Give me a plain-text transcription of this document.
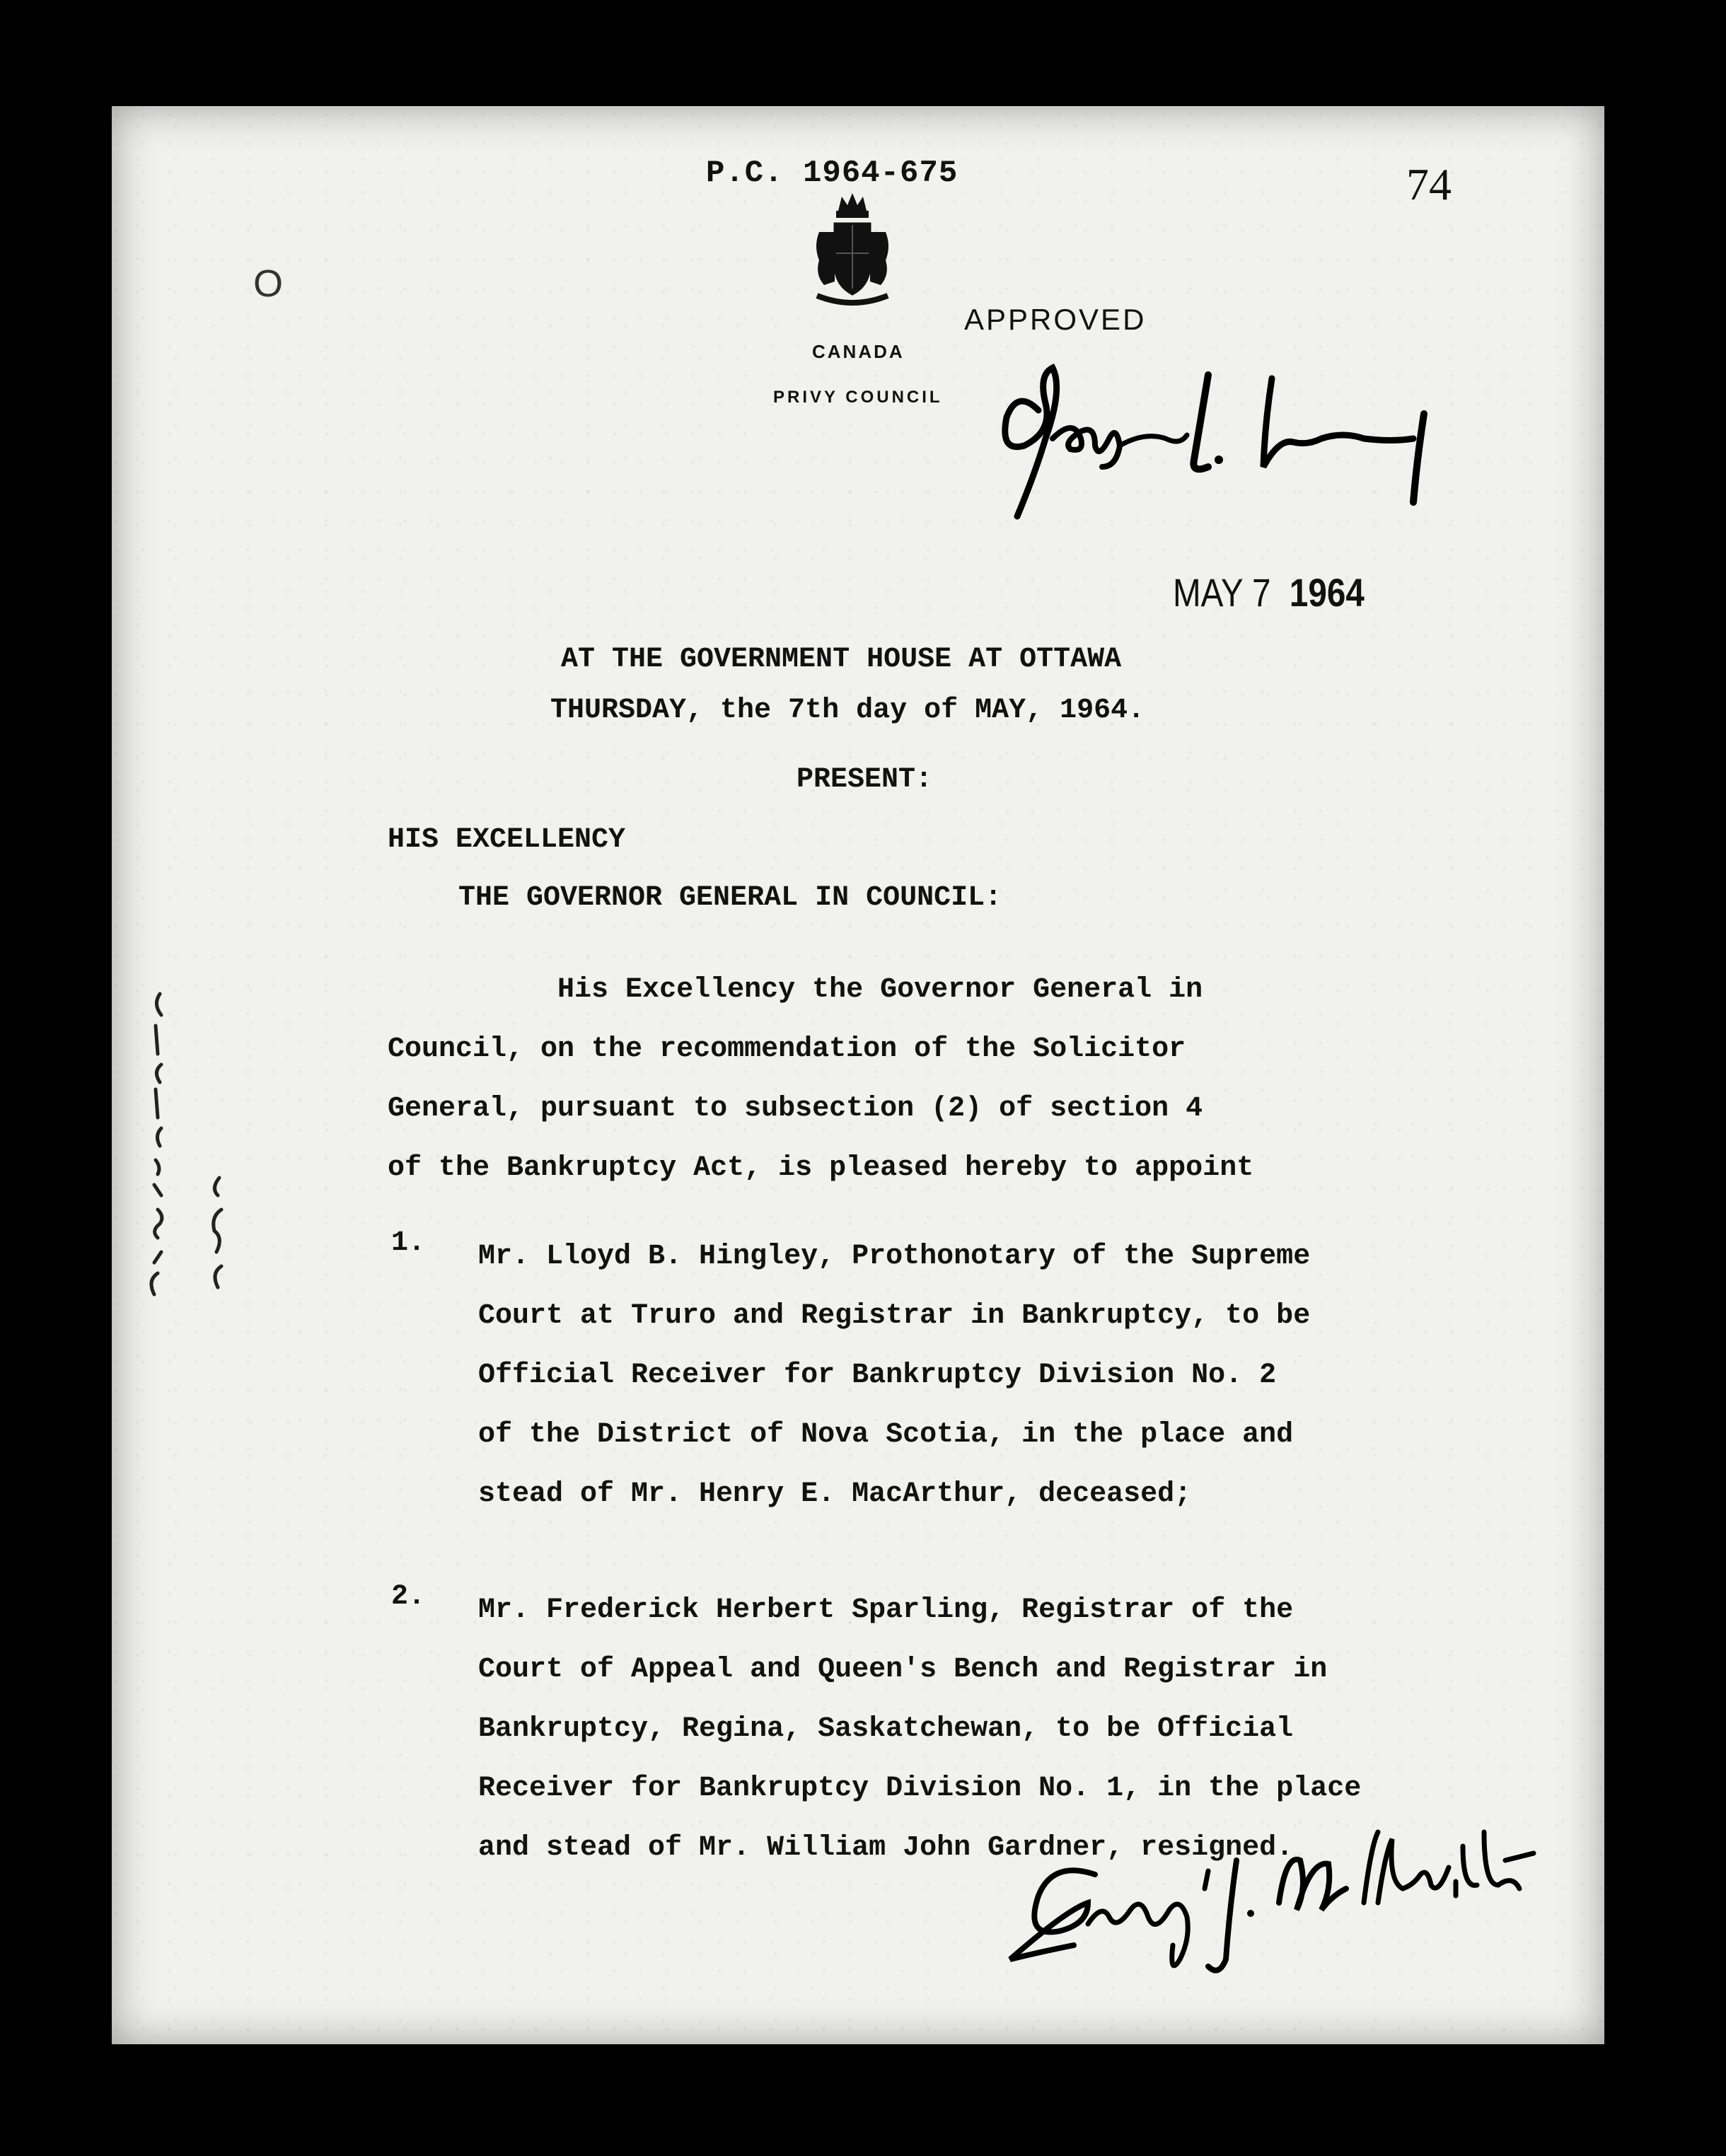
P.C. 1964-675	74
O
CANADA
PRIVY COUNCIL
APPROVED
MAY 7 1964
AT THE GOVERNMENT HOUSE AT OTTAWA
THURSDAY, the 7th day of MAY, 1964.
PRESENT:
HIS EXCELLENCY
THE GOVERNOR GENERAL IN COUNCIL:
His Excellency the Governor General in
Council, on the recommendation of the Solicitor
General, pursuant to subsection (2) of section 4
of the Bankruptcy Act, is pleased hereby to appoint
1. Mr. Lloyd B. Hingley, Prothonotary of the Supreme
Court at Truro and Registrar in Bankruptcy, to be
Official Receiver for Bankruptcy Division No. 2
of the District of Nova Scotia, in the place and
stead of Mr. Henry E. MacArthur, deceased;
2. Mr. Frederick Herbert Sparling, Registrar of the
Court of Appeal and Queen's Bench and Registrar in
Bankruptcy, Regina, Saskatchewan, to be Official
Receiver for Bankruptcy Division No. 1, in the place
and stead of Mr. William John Gardner, resigned.
